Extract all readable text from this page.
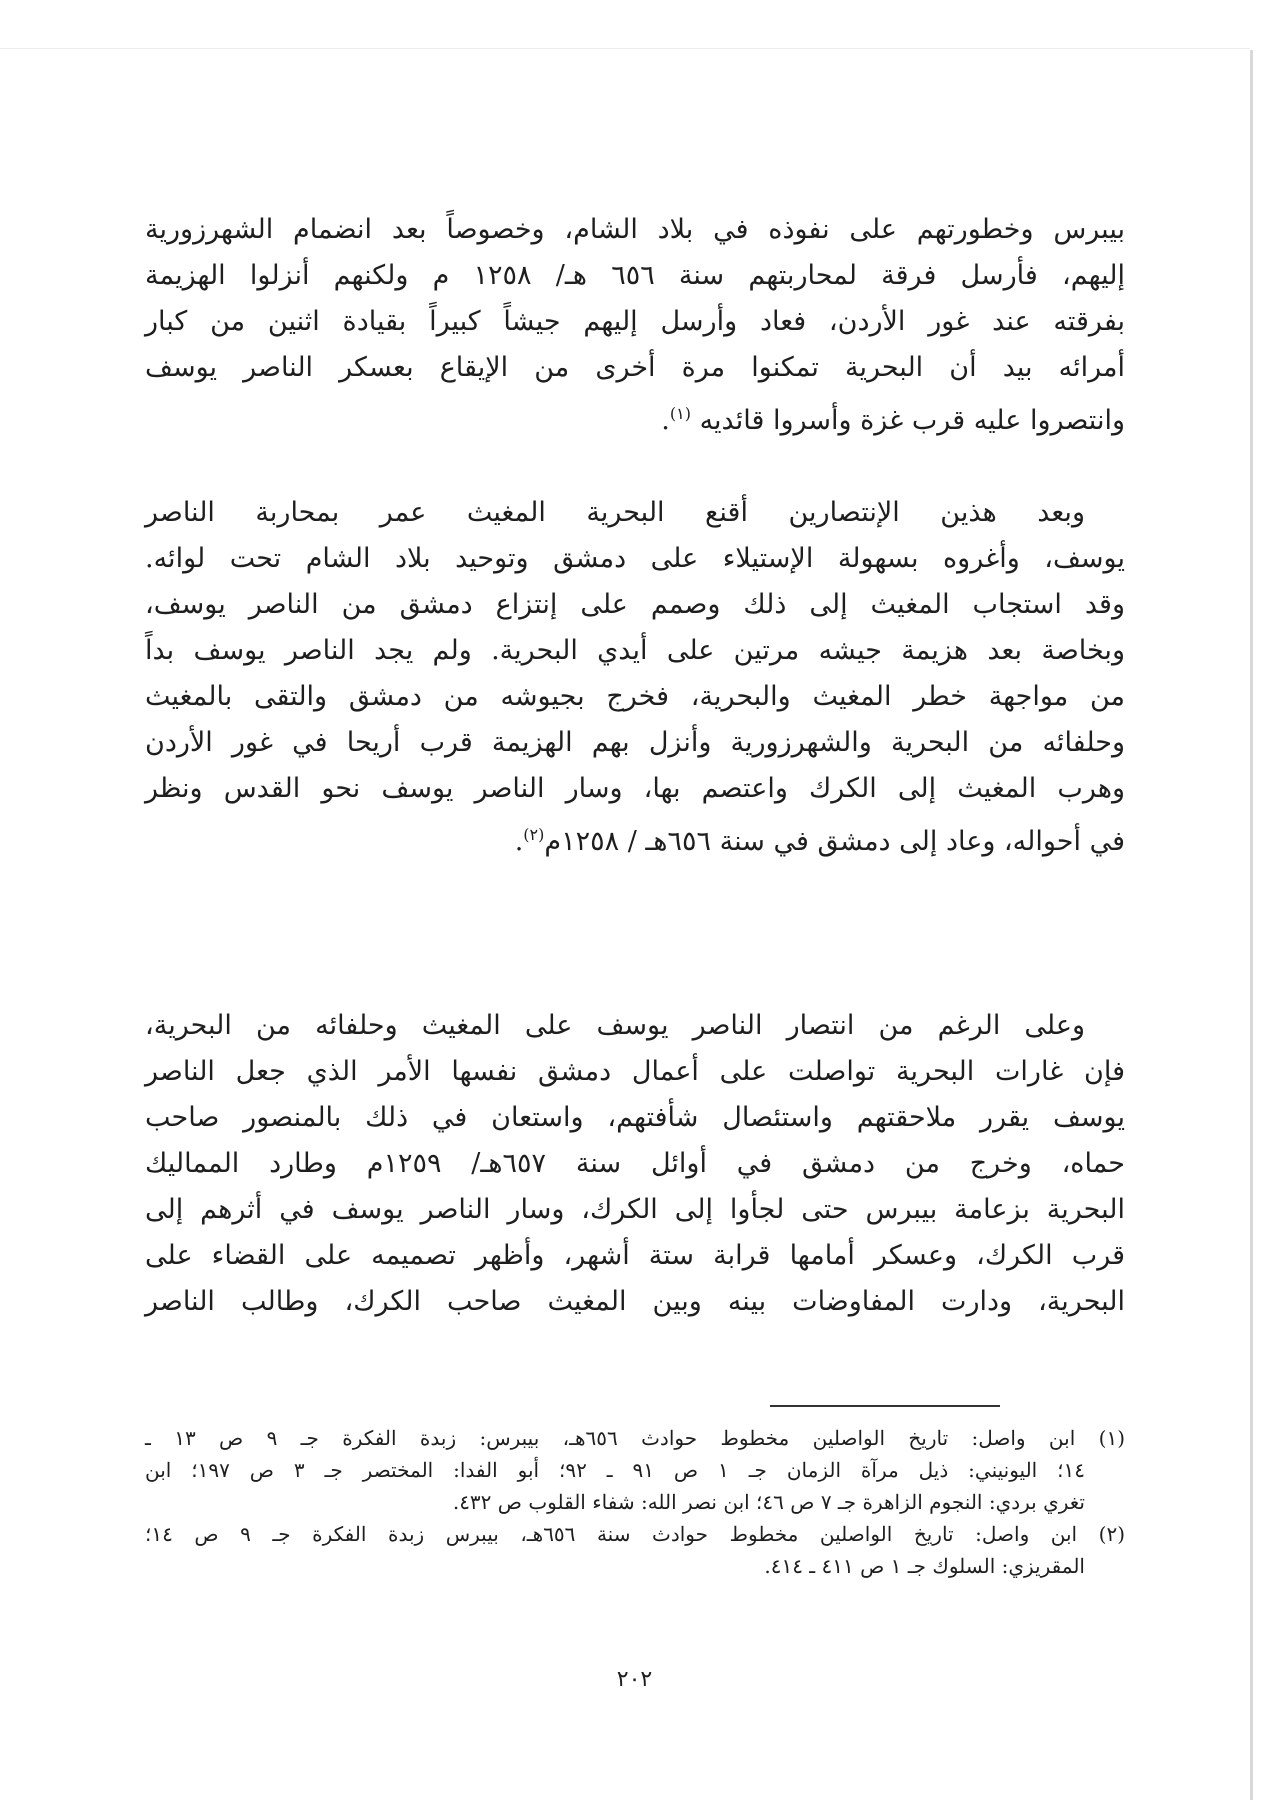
بيبرس وخطورتهم على نفوذه في بلاد الشام، وخصوصاً بعد انضمام الشهرزورية
إليهم، فأرسل فرقة لمحاربتهم سنة ٦٥٦ هـ/ ١٢٥٨ م ولكنهم أنزلوا الهزيمة
بفرقته عند غور الأردن، فعاد وأرسل إليهم جيشاً كبيراً بقيادة اثنين من كبار
أمرائه بيد أن البحرية تمكنوا مرة أخرى من الإيقاع بعسكر الناصر يوسف
وانتصروا عليه قرب غزة وأسروا قائديه $^{(١)}$.
وبعد هذين الإنتصارين أقنع البحرية المغيث عمر بمحاربة الناصر
يوسف، وأغروه بسهولة الإستيلاء على دمشق وتوحيد بلاد الشام تحت لوائه.
وقد استجاب المغيث إلى ذلك وصمم على إنتزاع دمشق من الناصر يوسف،
وبخاصة بعد هزيمة جيشه مرتين على أيدي البحرية. ولم يجد الناصر يوسف بداً
من مواجهة خطر المغيث والبحرية، فخرج بجيوشه من دمشق والتقى بالمغيث
وحلفائه من البحرية والشهرزورية وأنزل بهم الهزيمة قرب أريحا في غور الأردن
وهرب المغيث إلى الكرك واعتصم بها، وسار الناصر يوسف نحو القدس ونظر
في أحواله، وعاد إلى دمشق في سنة ٦٥٦هـ / ١٢٥٨م$^{(٢)}$.
وعلى الرغم من انتصار الناصر يوسف على المغيث وحلفائه من البحرية،
فإن غارات البحرية تواصلت على أعمال دمشق نفسها الأمر الذي جعل الناصر
يوسف يقرر ملاحقتهم واستئصال شأفتهم، واستعان في ذلك بالمنصور صاحب
حماه، وخرج من دمشق في أوائل سنة ٦٥٧هـ/ ١٢٥٩م وطارد المماليك
البحرية بزعامة بيبرس حتى لجأوا إلى الكرك، وسار الناصر يوسف في أثرهم إلى
قرب الكرك، وعسكر أمامها قرابة ستة أشهر، وأظهر تصميمه على القضاء على
البحرية، ودارت المفاوضات بينه وبين المغيث صاحب الكرك، وطالب الناصر
(١) ابن واصل: تاريخ الواصلين مخطوط حوادث ٦٥٦هـ، بيبرس: زبدة الفكرة جـ ٩ ص ١٣ ـ
١٤؛ اليونيني: ذيل مرآة الزمان جـ ١ ص ٩١ ـ ٩٢؛ أبو الفدا: المختصر جـ ٣ ص ١٩٧؛ ابن
تغري بردي: النجوم الزاهرة جـ ٧ ص ٤٦؛ ابن نصر الله: شفاء القلوب ص ٤٣٢.
(٢) ابن واصل: تاريخ الواصلين مخطوط حوادث سنة ٦٥٦هـ، بيبرس زبدة الفكرة جـ ٩ ص ١٤؛
المقريزي: السلوك جـ ١ ص ٤١١ ـ ٤١٤.
٢٠٢
